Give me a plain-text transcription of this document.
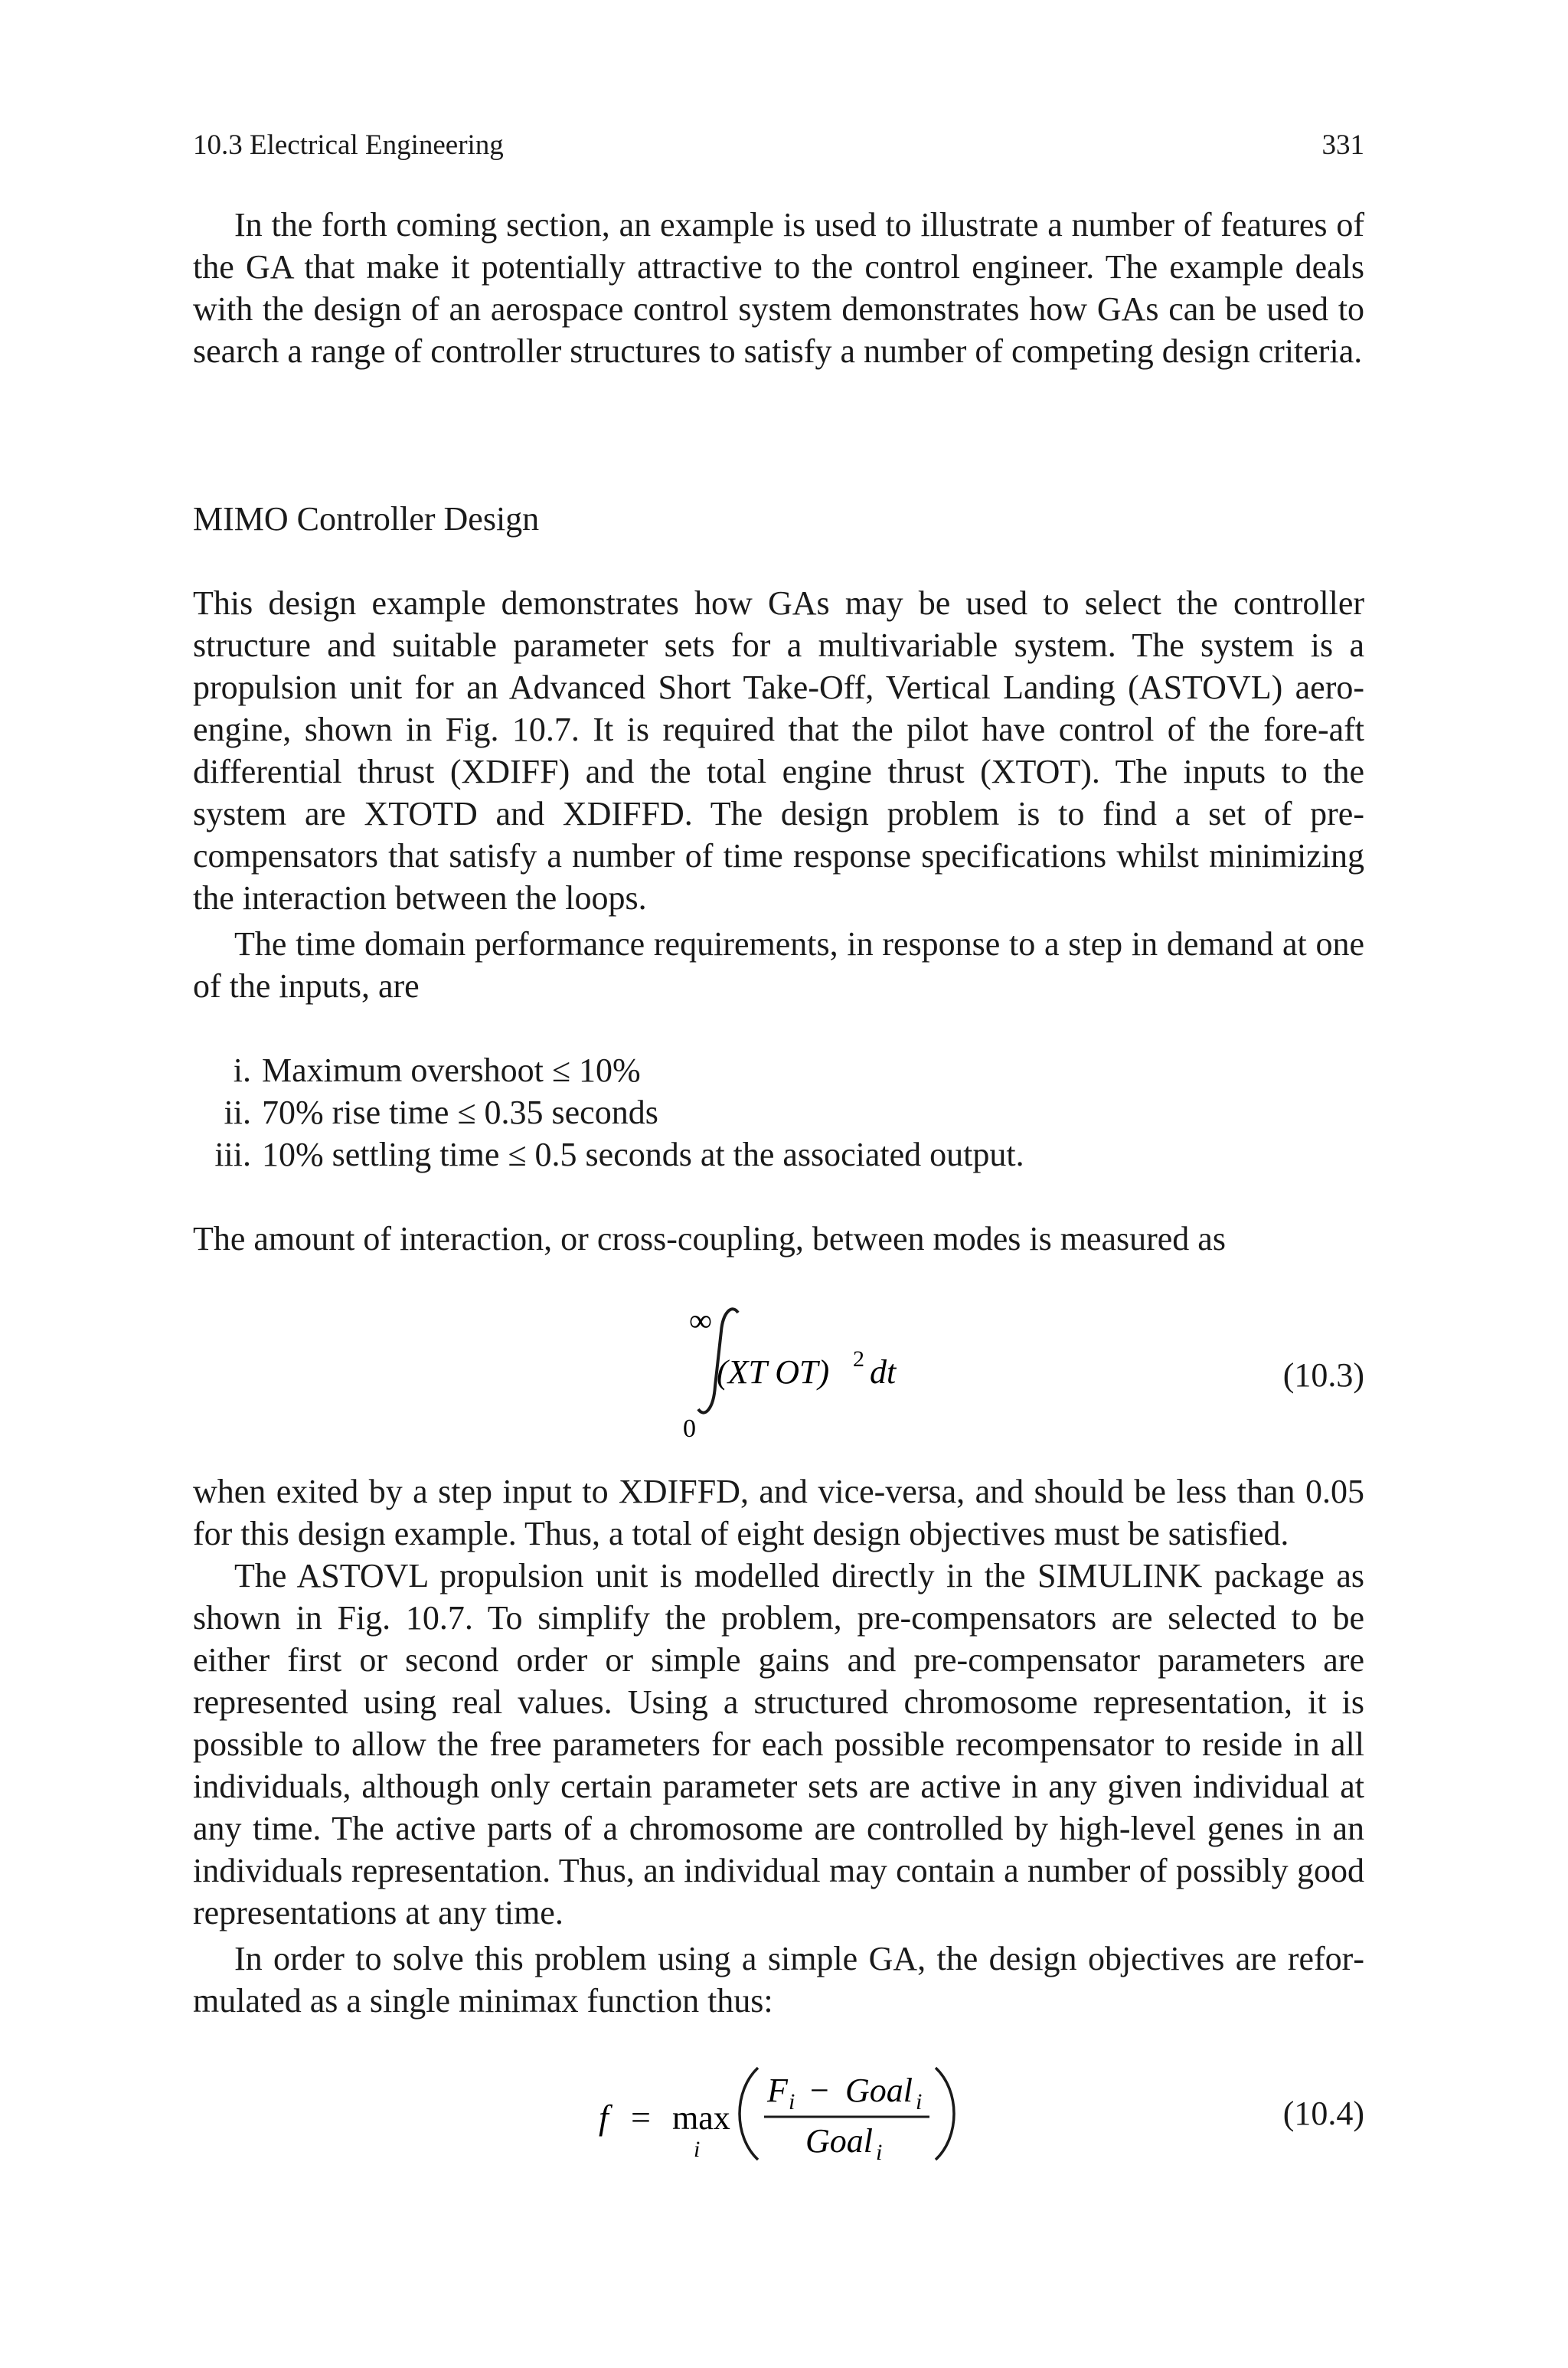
10.3 Electrical Engineering	331

In the forth coming section, an example is used to illustrate a number of features of the GA that make it potentially attractive to the control engineer. The example deals with the design of an aerospace control system demonstrates how GAs can be used to search a range of controller structures to satisfy a number of competing design criteria.

MIMO Controller Design

This design example demonstrates how GAs may be used to select the controller structure and suitable parameter sets for a multivariable system. The system is a propulsion unit for an Advanced Short Take-Off, Vertical Landing (ASTOVL) aero-engine, shown in Fig. 10.7. It is required that the pilot have control of the fore-aft differential thrust (XDIFF) and the total engine thrust (XTOT). The inputs to the system are XTOTD and XDIFFD. The design problem is to find a set of pre-compensators that satisfy a number of time response specifications whilst minimizing the interaction between the loops.

The time domain performance requirements, in response to a step in demand at one of the inputs, are

i. Maximum overshoot ≤ 10%
ii. 70% rise time ≤ 0.35 seconds
iii. 10% settling time ≤ 0.5 seconds at the associated output.

The amount of interaction, or cross-coupling, between modes is measured as

∞
0
(XT OT) 2 dt	(10.3)

when exited by a step input to XDIFFD, and vice-versa, and should be less than 0.05 for this design example. Thus, a total of eight design objectives must be satisfied.

The ASTOVL propulsion unit is modelled directly in the SIMULINK package as shown in Fig. 10.7. To simplify the problem, pre-compensators are selected to be either first or second order or simple gains and pre-compensator parameters are represented using real values. Using a structured chromosome representation, it is possible to allow the free parameters for each possible recompensator to reside in all individuals, although only certain parameter sets are active in any given individual at any time. The active parts of a chromosome are controlled by high-level genes in an individuals representation. Thus, an individual may contain a number of possibly good representations at any time.

In order to solve this problem using a simple GA, the design objectives are reformulated as a single minimax function thus:

f = max
i
F i − Goal i
Goal i
(10.4)
